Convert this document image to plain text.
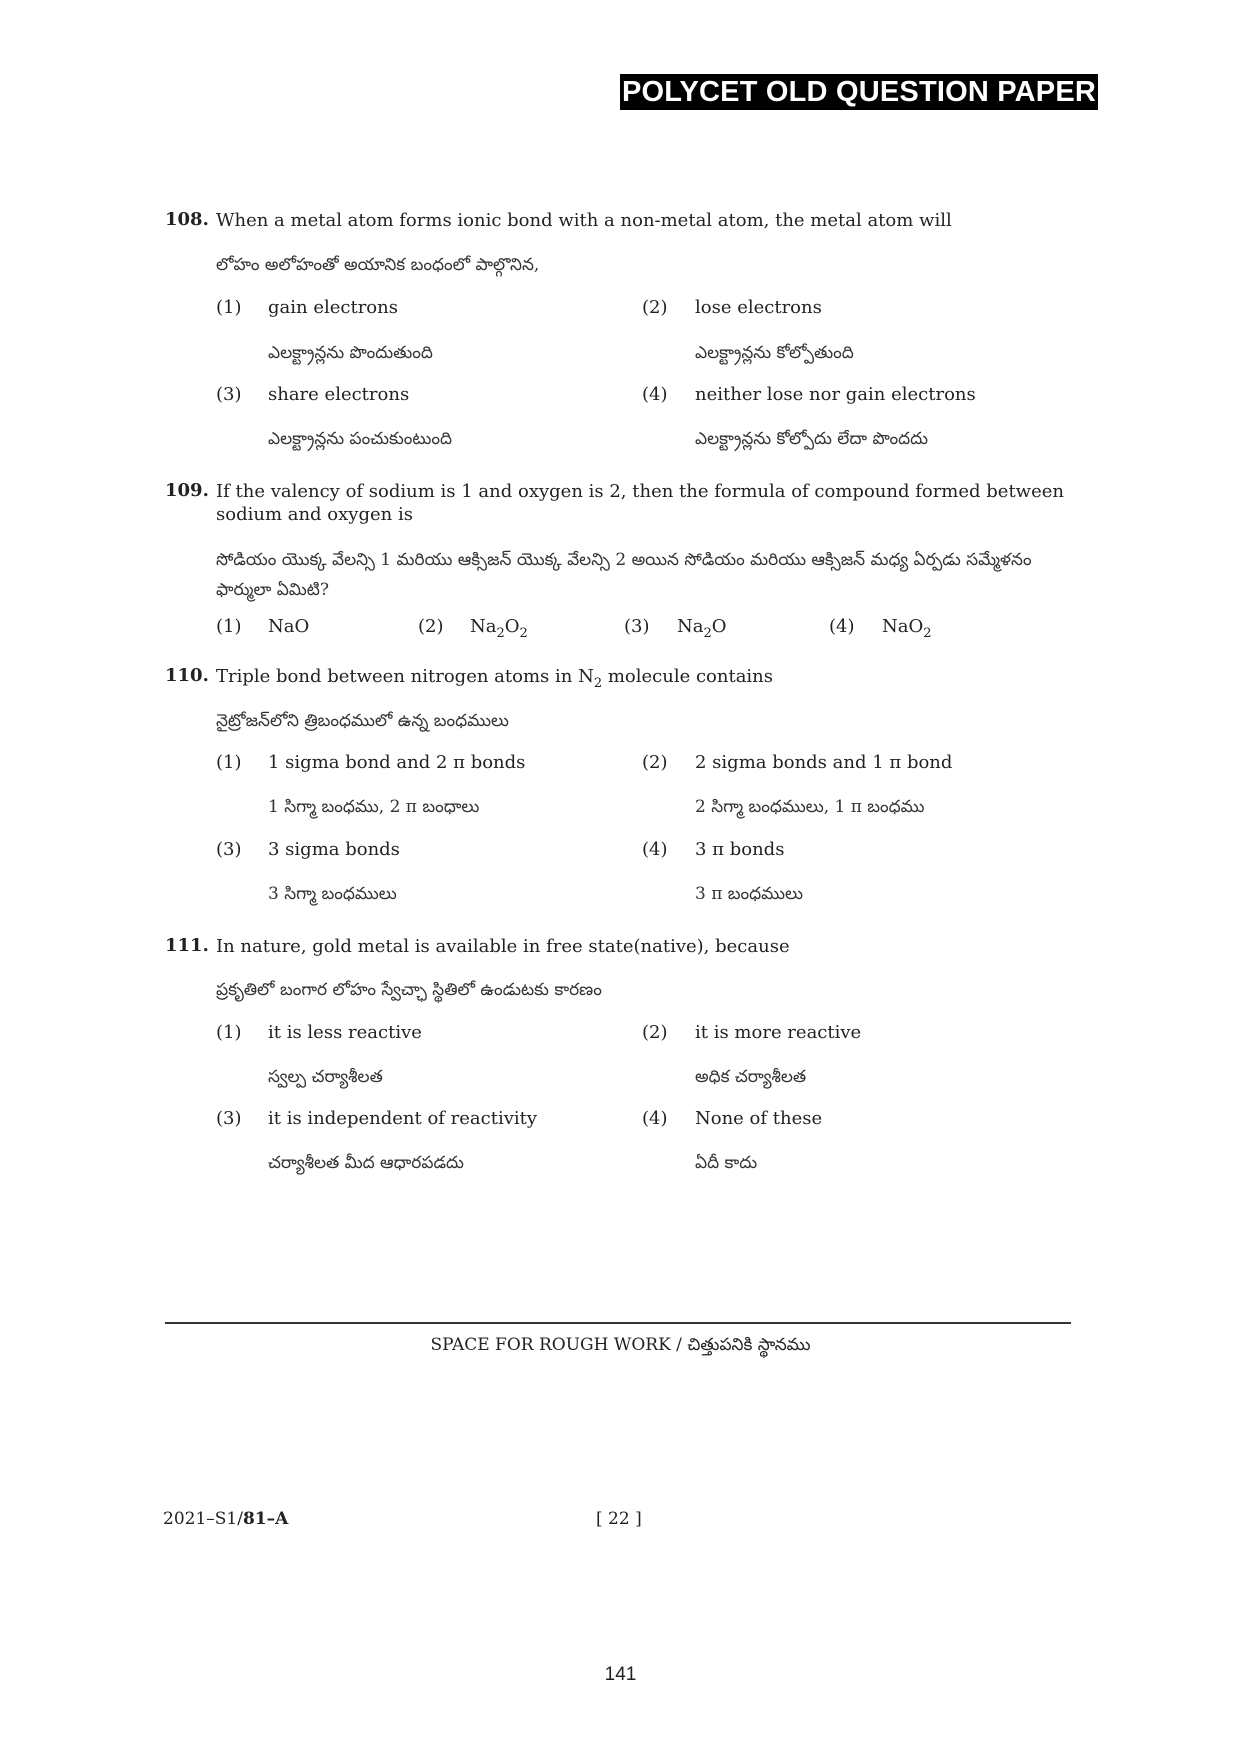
POLYCET OLD QUESTION PAPER
108. When a metal atom forms ionic bond with a non-metal atom, the metal atom will
లోహం అలోహంతో అయానిక బంధంలో పాల్గొనిన,
(1) gain electrons	(2) lose electrons
ఎలక్ట్రాన్లను పొందుతుంది	ఎలక్ట్రాన్లను కోల్పోతుంది
(3) share electrons	(4) neither lose nor gain electrons
ఎలక్ట్రాన్లను పంచుకుంటుంది	ఎలక్ట్రాన్లను కోల్పోదు లేదా పొందదు
109. If the valency of sodium is 1 and oxygen is 2, then the formula of compound formed between sodium and oxygen is
సోడియం యొక్క వేలన్సి 1 మరియు ఆక్సిజన్ యొక్క వేలన్సి 2 అయిన సోడియం మరియు ఆక్సిజన్ మధ్య ఏర్పడు సమ్మేళనం ఫార్ములా ఏమిటి?
(1) NaO	(2) $Na_2O_2$	(3) $Na_2O$	(4) NaO$_2$
110. Triple bond between nitrogen atoms in $N_2$ molecule contains
నైట్రోజన్‌లోని త్రిబంధములో ఉన్న బంధములు
(1) 1 sigma bond and 2 π bonds	(2) 2 sigma bonds and 1 π bond
1 సిగ్మా బంధము, 2 π బంధాలు	2 సిగ్మా బంధములు, 1 π బంధము
(3) 3 sigma bonds	(4) 3 π bonds
3 సిగ్మా బంధములు	3 π బంధములు
111. In nature, gold metal is available in free state(native), because
ప్రకృతిలో బంగార లోహం స్వేచ్ఛా స్థితిలో ఉండుటకు కారణం
(1) it is less reactive	(2) it is more reactive
స్వల్ప చర్యాశీలత	అధిక చర్యాశీలత
(3) it is independent of reactivity	(4) None of these
చర్యాశీలత మీద ఆధారపడదు	ఏదీ కాదు
SPACE FOR ROUGH WORK / చిత్తుపనికి స్థానము
2021–S1/81–A	[ 22 ]
141
